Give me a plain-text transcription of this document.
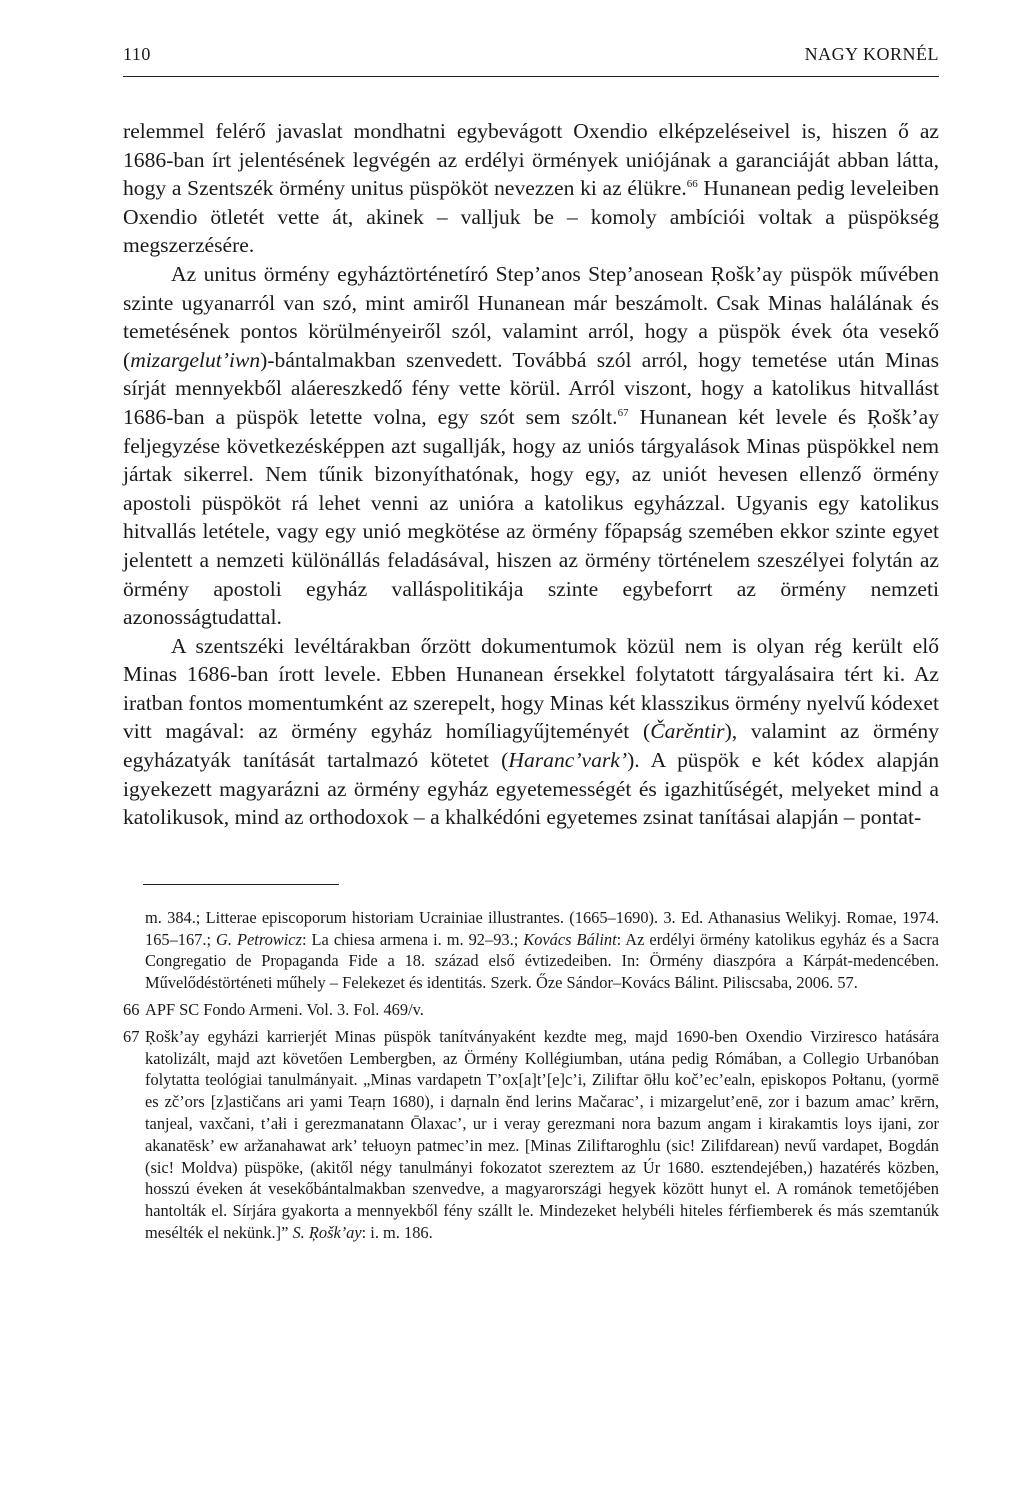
110	NAGY KORNÉL

relemmel felérő javaslat mondhatni egybevágott Oxendio elképzeléseivel is, hiszen ő az 1686-ban írt jelentésének legvégén az erdélyi örmények uniójának a garanciáját abban látta, hogy a Szentszék örmény unitus püspököt nevezzen ki az élükre.$^{66}$ Hunanean pedig leveleiben Oxendio ötletét vette át, akinek – valljuk be – komoly ambíciói voltak a püspökség megszerzésére.

Az unitus örmény egyháztörténetíró Step’anos Step’anosean Ŗošk’ay püspök művében szinte ugyanarról van szó, mint amiről Hunanean már beszámolt. Csak Minas halálának és temetésének pontos körülményeiről szól, valamint arról, hogy a püspök évek óta vesekő (mizargelut’iwn)-bántalmakban szenvedett. Továbbá szól arról, hogy temetése után Minas sírját mennyekből aláereszkedő fény vette körül. Arról viszont, hogy a katolikus hitvallást 1686-ban a püspök letette volna, egy szót sem szólt.$^{67}$ Hunanean két levele és Ŗošk’ay feljegyzése következésképpen azt sugallják, hogy az uniós tárgyalások Minas püspökkel nem jártak sikerrel. Nem tűnik bizonyíthatónak, hogy egy, az uniót hevesen ellenző örmény apostoli püspököt rá lehet venni az unióra a katolikus egyházzal. Ugyanis egy katolikus hitvallás letétele, vagy egy unió megkötése az örmény főpapság szemében ekkor szinte egyet jelentett a nemzeti különállás feladásával, hiszen az örmény történelem szeszélyei folytán az örmény apostoli egyház valláspolitikája szinte egybeforrt az örmény nemzeti azonosságtudattal.

A szentszéki levéltárakban őrzött dokumentumok közül nem is olyan rég került elő Minas 1686-ban írott levele. Ebben Hunanean érsekkel folytatott tárgyalásaira tért ki. Az iratban fontos momentumként az szerepelt, hogy Minas két klasszikus örmény nyelvű kódexet vitt magával: az örmény egyház homíliagyűjteményét (Čarěntir), valamint az örmény egyházatyák tanítását tartalmazó kötetet (Haranc’vark’). A püspök e két kódex alapján igyekezett magyarázni az örmény egyház egyetemességét és igazhitűségét, melyeket mind a katolikusok, mind az orthodoxok – a khalkédóni egyetemes zsinat tanításai alapján – pontat-

m. 384.; Litterae episcoporum historiam Ucrainiae illustrantes. (1665–1690). 3. Ed. Athanasius Welikyj. Romae, 1974. 165–167.; G. Petrowicz: La chiesa armena i. m. 92–93.; Kovács Bálint: Az erdélyi örmény katolikus egyház és a Sacra Congregatio de Propaganda Fide a 18. század első évtizedeiben. In: Örmény diaszpóra a Kárpát-medencében. Művelődéstörténeti műhely – Felekezet és identitás. Szerk. Őze Sándor–Kovács Bálint. Piliscsaba, 2006. 57.
66 APF SC Fondo Armeni. Vol. 3. Fol. 469/v.
67 Ŗošk’ay egyházi karrierjét Minas püspök tanítványaként kezdte meg, majd 1690-ben Oxendio Virziresco hatására katolizált, majd azt követően Lembergben, az Örmény Kollégiumban, utána pedig Rómában, a Collegio Urbanóban folytatta teológiai tanulmányait. „Minas vardapetn T’ox[a]t’[e]c’i, Ziliftar ōłlu koč’ec’ealn, episkopos Połtanu, (yormē es zč’ors [z]astičans ari yami Teaṛn 1680), i daṛnaln ĕnd lerins Mačarac’, i mizargelut’enē, zor i bazum amac’ krērn, tanjeal, vaxčani, t’ałi i gerezmanatann Ōlaxac’, ur i veray gerezmani nora bazum angam i kirakamtis loys ijani, zor akanatēsk’ ew aržanahawat ark’ tełuoyn patmec’in mez. [Minas Ziliftaroghlu (sic! Zilifdarean) nevű vardapet, Bogdán (sic! Moldva) püspöke, (akitől négy tanulmányi fokozatot szereztem az Úr 1680. esztendejében,) hazatérés közben, hosszú éveken át vesekőbántalmakban szenvedve, a magyarországi hegyek között hunyt el. A románok temetőjében hantolták el. Sírjára gyakorta a mennyekből fény szállt le. Mindezeket helybéli hiteles férfiemberek és más szemtanúk mesélték el nekünk.]” S. Ŗošk’ay: i. m. 186.
